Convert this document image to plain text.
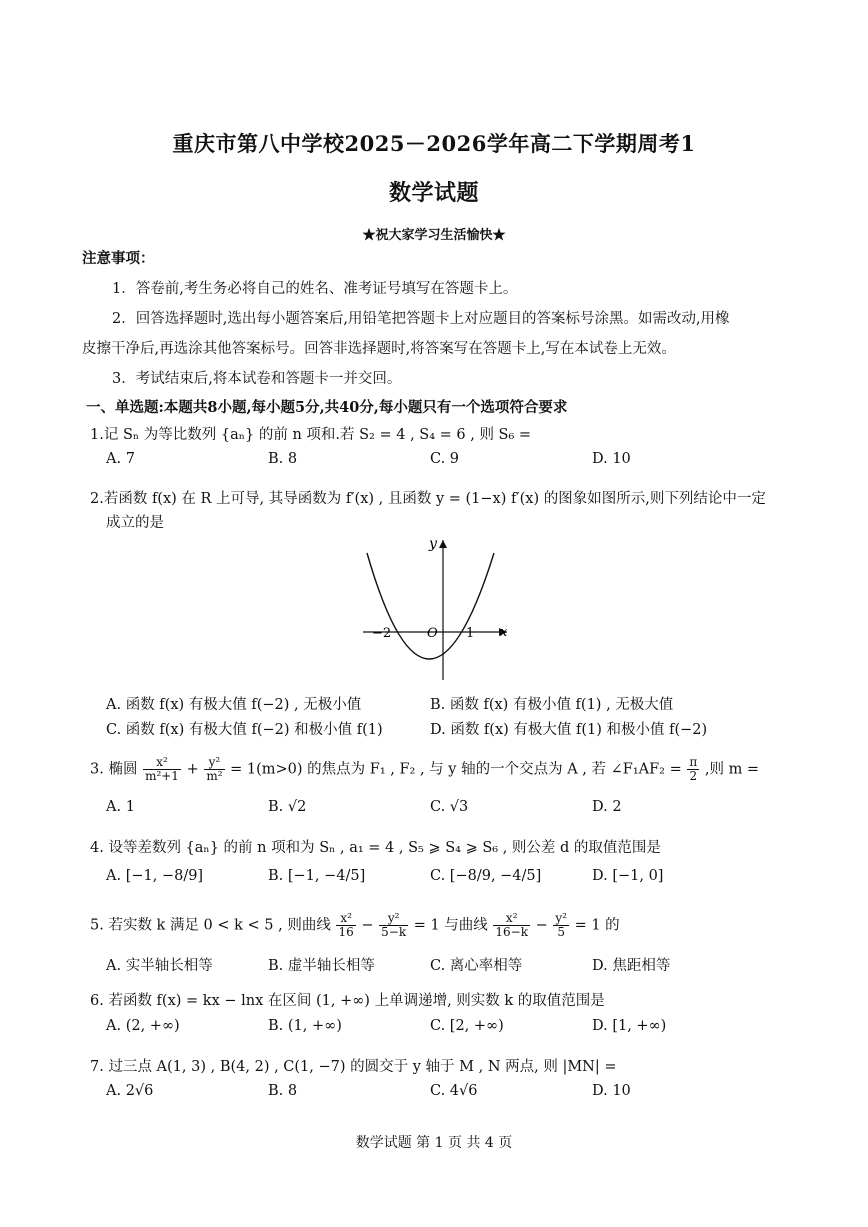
重庆市第八中学校2025－2026学年高二下学期周考1
数学试题
★祝大家学习生活愉快★
注意事项：
1．答卷前,考生务必将自己的姓名、准考证号填写在答题卡上。
2．回答选择题时,选出每小题答案后,用铅笔把答题卡上对应题目的答案标号涂黑。如需改动,用橡
皮擦干净后,再选涂其他答案标号。回答非选择题时,将答案写在答题卡上,写在本试卷上无效。
3．考试结束后,将本试卷和答题卡一并交回。
一、单选题:本题共8小题,每小题5分,共40分,每小题只有一个选项符合要求
1.记 Sₙ 为等比数列 {aₙ} 的前 n 项和.若 S₂ = 4 , S₄ = 6 , 则 S₆ =
A. 7	B. 8	C. 9	D. 10
2.若函数 f(x) 在 R 上可导, 其导函数为 f′(x) , 且函数 y = (1−x) f′(x) 的图象如图所示,则下列结论中一定
成立的是
y
x
O
−2	1
A. 函数 f(x) 有极大值 f(−2) , 无极小值	B. 函数 f(x) 有极小值 f(1) , 无极大值
C. 函数 f(x) 有极大值 f(−2) 和极小值 f(1)	D. 函数 f(x) 有极大值 f(1) 和极小值 f(−2)
3. 椭圆 $\frac{\text{x²}}{\text{m²+1}} + \frac{\text{y²}}{\text{m²}} = 1(m>0)$ 的焦点为 F₁ , F₂ , 与 y 轴的一个交点为 A , 若 ∠F₁AF₂ = $\frac{\pi}{2}$ ,则 m =
A. 1	B. √2	C. √3	D. 2
4. 设等差数列 {aₙ} 的前 n 项和为 Sₙ , a₁ = 4 , S₅ ⩾ S₄ ⩾ S₆ , 则公差 d 的取值范围是
A. [−1, −8/9]	B. [−1, −4/5]	C. [−8/9, −4/5]	D. [−1, 0]
5. 若实数 k 满足 0 < k < 5 , 则曲线 $\frac{\text{x²}}{16} - \frac{\text{y²}}{5-k} = 1$ 与曲线 $\frac{\text{x²}}{16-k} - \frac{\text{y²}}{5} = 1$ 的
A. 实半轴长相等	B. 虚半轴长相等	C. 离心率相等	D. 焦距相等
6. 若函数 f(x) = kx − lnx 在区间 (1, +∞) 上单调递增, 则实数 k 的取值范围是
A. (2, +∞)	B. (1, +∞)	C. [2, +∞)	D. [1, +∞)
7. 过三点 A(1, 3) , B(4, 2) , C(1, −7) 的圆交于 y 轴于 M , N 两点, 则 |MN| =
A. 2√6	B. 8	C. 4√6	D. 10
数学试题 第 1 页 共 4 页
